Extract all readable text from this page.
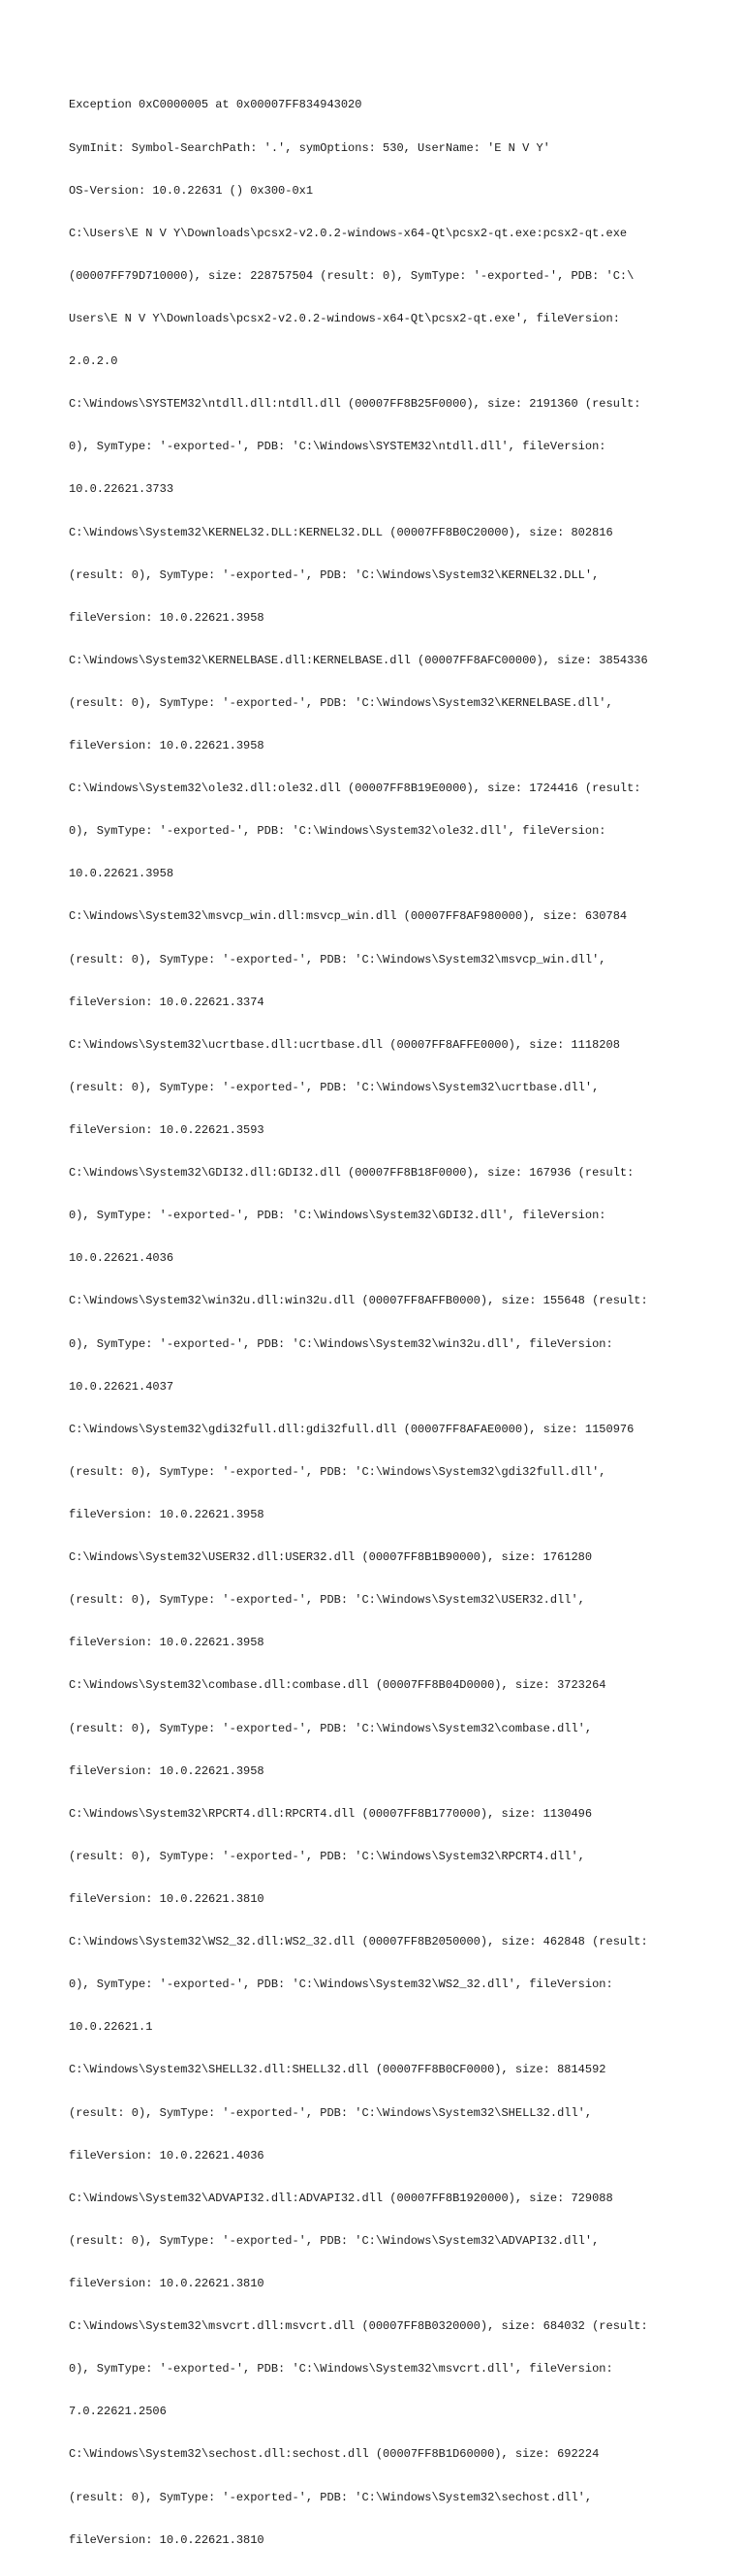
Exception 0xC0000005 at 0x00007FF834943020

SymInit: Symbol-SearchPath: '.', symOptions: 530, UserName: 'E N V Y'

OS-Version: 10.0.22631 () 0x300-0x1

C:\Users\E N V Y\Downloads\pcsx2-v2.0.2-windows-x64-Qt\pcsx2-qt.exe:pcsx2-qt.exe

(00007FF79D710000), size: 228757504 (result: 0), SymType: '-exported-', PDB: 'C:\

Users\E N V Y\Downloads\pcsx2-v2.0.2-windows-x64-Qt\pcsx2-qt.exe', fileVersion:

2.0.2.0

C:\Windows\SYSTEM32\ntdll.dll:ntdll.dll (00007FF8B25F0000), size: 2191360 (result:

0), SymType: '-exported-', PDB: 'C:\Windows\SYSTEM32\ntdll.dll', fileVersion:

10.0.22621.3733

C:\Windows\System32\KERNEL32.DLL:KERNEL32.DLL (00007FF8B0C20000), size: 802816

(result: 0), SymType: '-exported-', PDB: 'C:\Windows\System32\KERNEL32.DLL',

fileVersion: 10.0.22621.3958

C:\Windows\System32\KERNELBASE.dll:KERNELBASE.dll (00007FF8AFC00000), size: 3854336

(result: 0), SymType: '-exported-', PDB: 'C:\Windows\System32\KERNELBASE.dll',

fileVersion: 10.0.22621.3958

C:\Windows\System32\ole32.dll:ole32.dll (00007FF8B19E0000), size: 1724416 (result:

0), SymType: '-exported-', PDB: 'C:\Windows\System32\ole32.dll', fileVersion:

10.0.22621.3958

C:\Windows\System32\msvcp_win.dll:msvcp_win.dll (00007FF8AF980000), size: 630784

(result: 0), SymType: '-exported-', PDB: 'C:\Windows\System32\msvcp_win.dll',

fileVersion: 10.0.22621.3374

C:\Windows\System32\ucrtbase.dll:ucrtbase.dll (00007FF8AFFE0000), size: 1118208

(result: 0), SymType: '-exported-', PDB: 'C:\Windows\System32\ucrtbase.dll',

fileVersion: 10.0.22621.3593

C:\Windows\System32\GDI32.dll:GDI32.dll (00007FF8B18F0000), size: 167936 (result:

0), SymType: '-exported-', PDB: 'C:\Windows\System32\GDI32.dll', fileVersion:

10.0.22621.4036

C:\Windows\System32\win32u.dll:win32u.dll (00007FF8AFFB0000), size: 155648 (result:

0), SymType: '-exported-', PDB: 'C:\Windows\System32\win32u.dll', fileVersion:

10.0.22621.4037

C:\Windows\System32\gdi32full.dll:gdi32full.dll (00007FF8AFAE0000), size: 1150976

(result: 0), SymType: '-exported-', PDB: 'C:\Windows\System32\gdi32full.dll',

fileVersion: 10.0.22621.3958

C:\Windows\System32\USER32.dll:USER32.dll (00007FF8B1B90000), size: 1761280

(result: 0), SymType: '-exported-', PDB: 'C:\Windows\System32\USER32.dll',

fileVersion: 10.0.22621.3958

C:\Windows\System32\combase.dll:combase.dll (00007FF8B04D0000), size: 3723264

(result: 0), SymType: '-exported-', PDB: 'C:\Windows\System32\combase.dll',

fileVersion: 10.0.22621.3958

C:\Windows\System32\RPCRT4.dll:RPCRT4.dll (00007FF8B1770000), size: 1130496

(result: 0), SymType: '-exported-', PDB: 'C:\Windows\System32\RPCRT4.dll',

fileVersion: 10.0.22621.3810

C:\Windows\System32\WS2_32.dll:WS2_32.dll (00007FF8B2050000), size: 462848 (result:

0), SymType: '-exported-', PDB: 'C:\Windows\System32\WS2_32.dll', fileVersion:

10.0.22621.1

C:\Windows\System32\SHELL32.dll:SHELL32.dll (00007FF8B0CF0000), size: 8814592

(result: 0), SymType: '-exported-', PDB: 'C:\Windows\System32\SHELL32.dll',

fileVersion: 10.0.22621.4036

C:\Windows\System32\ADVAPI32.dll:ADVAPI32.dll (00007FF8B1920000), size: 729088

(result: 0), SymType: '-exported-', PDB: 'C:\Windows\System32\ADVAPI32.dll',

fileVersion: 10.0.22621.3810

C:\Windows\System32\msvcrt.dll:msvcrt.dll (00007FF8B0320000), size: 684032 (result:

0), SymType: '-exported-', PDB: 'C:\Windows\System32\msvcrt.dll', fileVersion:

7.0.22621.2506

C:\Windows\System32\sechost.dll:sechost.dll (00007FF8B1D60000), size: 692224

(result: 0), SymType: '-exported-', PDB: 'C:\Windows\System32\sechost.dll',

fileVersion: 10.0.22621.3810
